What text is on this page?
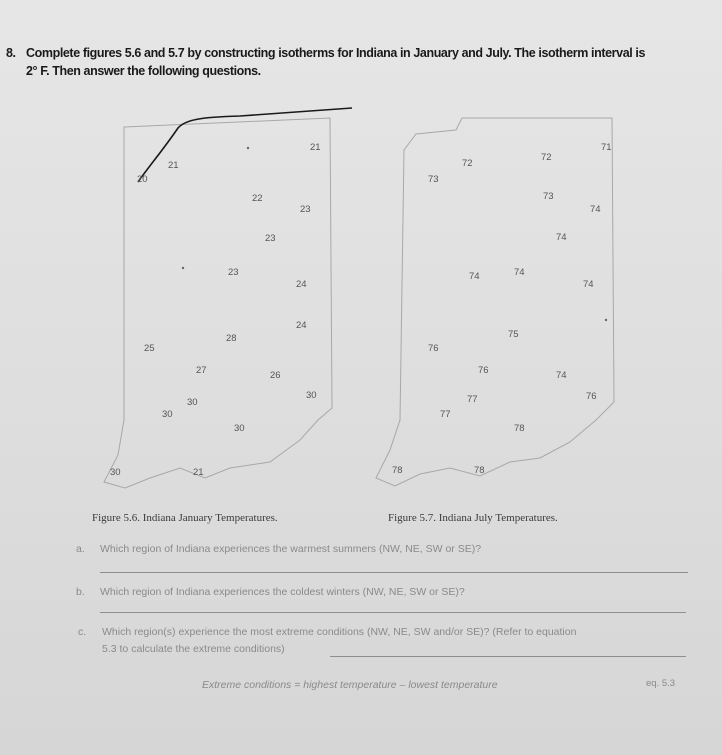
8. Complete figures 5.6 and 5.7 by constructing isotherms for Indiana in January and July. The isotherm interval is
2° F. Then answer the following questions.
21
21
20
22
23
23
23
24
24
28
25
27	26
30
30
30
30
30	21
71
72
72
73
73
74
74
74	74
74
75
76
76	74
76
77
77
78
78	78
Figure 5.6. Indiana January Temperatures.	Figure 5.7. Indiana July Temperatures.
a. Which region of Indiana experiences the warmest summers (NW, NE, SW or SE)?
b. Which region of Indiana experiences the coldest winters (NW, NE, SW or SE)?
c. Which region(s) experience the most extreme conditions (NW, NE, SW and/or SE)? (Refer to equation
5.3 to calculate the extreme conditions)
Extreme conditions = highest temperature – lowest temperature	eq. 5.3
